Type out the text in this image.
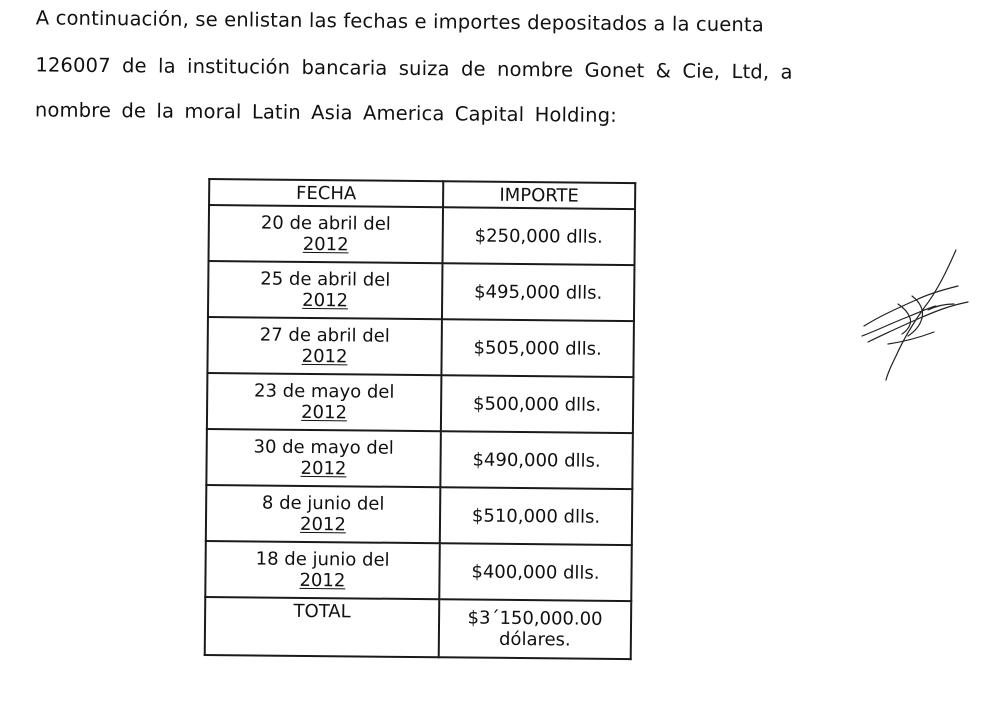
A continuación, se enlistan las fechas e importes depositados a la cuenta
126007 de la institución bancaria suiza de nombre Gonet & Cie, Ltd, a
nombre de la moral Latin Asia America Capital Holding:
FECHA	IMPORTE
20 de abril del
2012	$250,000 dlls.
25 de abril del
2012	$495,000 dlls.
27 de abril del
2012	$505,000 dlls.
23 de mayo del
2012	$500,000 dlls.
30 de mayo del
2012	$490,000 dlls.
8 de junio del
2012	$510,000 dlls.
18 de junio del
2012	$400,000 dlls.
TOTAL	$3´150,000.00
dólares.
